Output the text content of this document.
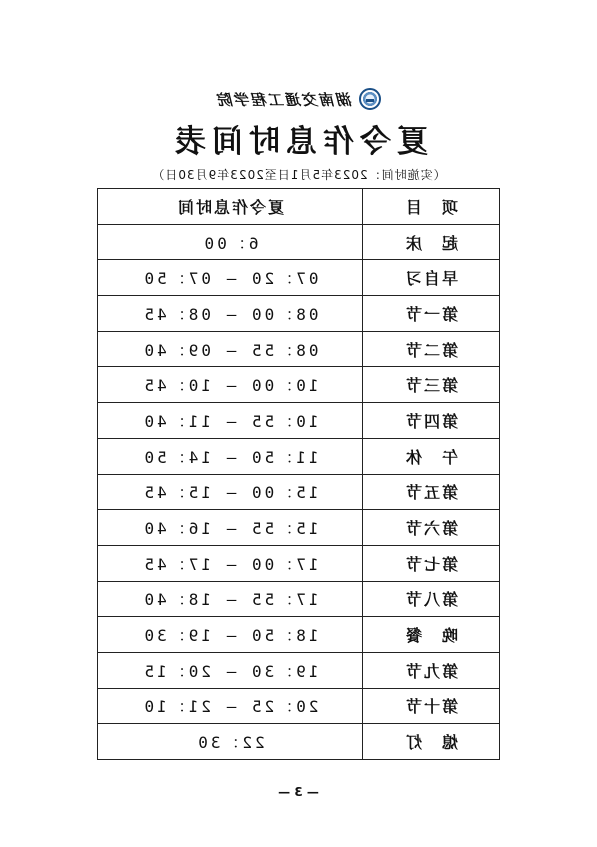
湖南交通工程学院
夏令作息时间表
（实施时间：2023年5月1日至2023年9月30日）
项　目	夏令作息时间
起　床	6：00
早自习	07：20 — 07：50
第一节	08：00 — 08：45
第二节	08：55 — 09：40
第三节	10：00 — 10：45
第四节	10：55 — 11：40
午　休	11：50 — 14：50
第五节	15：00 — 15：45
第六节	15：55 — 16：40
第七节	17：00 — 17：45
第八节	17：55 — 18：40
晚　餐	18：50 — 19：30
第九节	19：30 — 20：15
第十节	20：25 — 21：10
熄　灯	22：30
— 3 —
